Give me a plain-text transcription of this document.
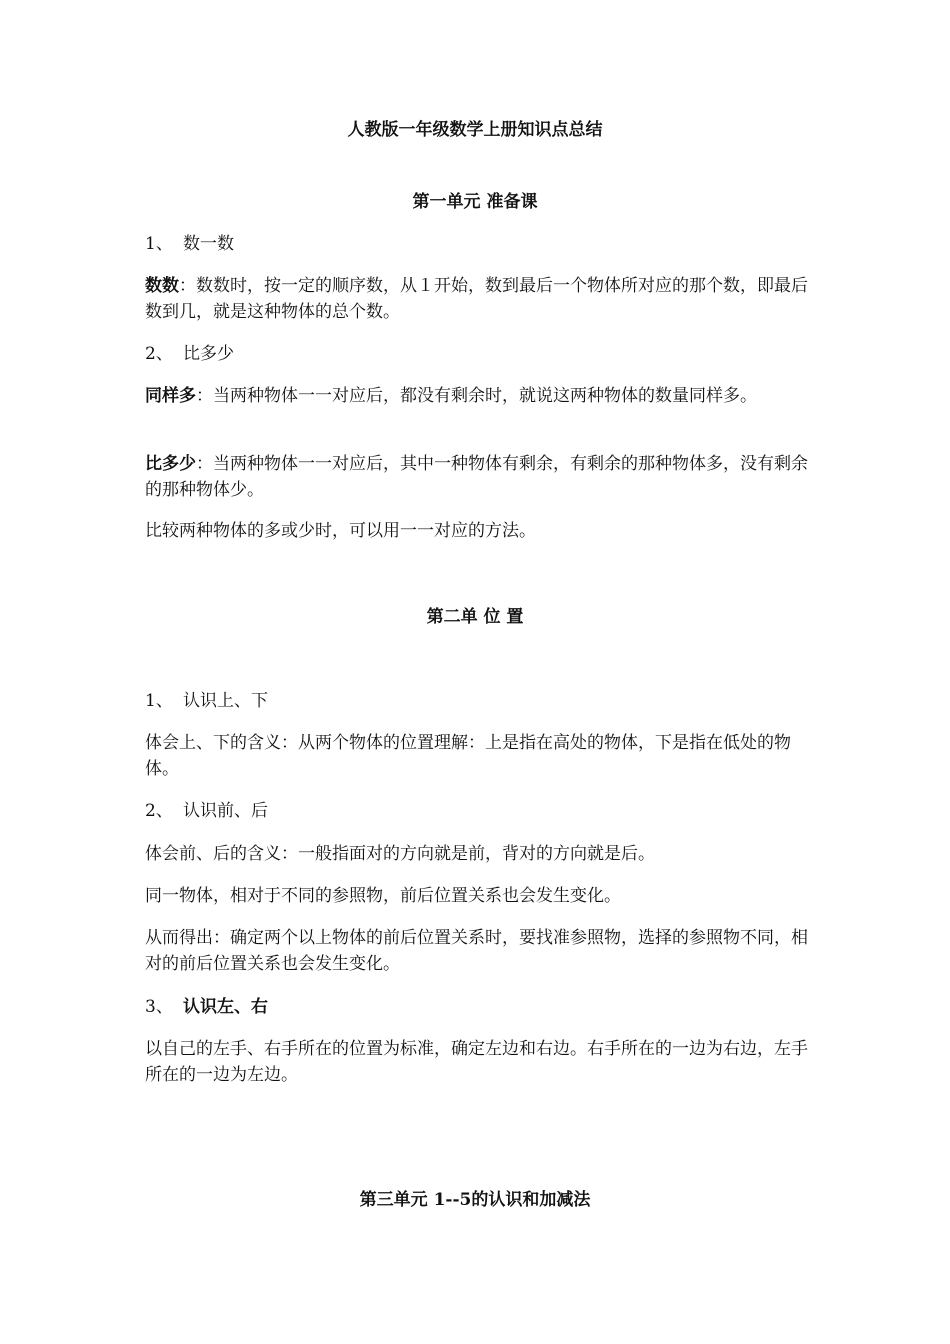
人教版一年级数学上册知识点总结
第一单元 准备课
1、 数一数

数数：数数时，按一定的顺序数，从１开始，数到最后一个物体所对应的那个数，即最后数到几，就是这种物体的总个数。

2、 比多少

同样多：当两种物体一一对应后，都没有剩余时，就说这两种物体的数量同样多。

比多少：当两种物体一一对应后，其中一种物体有剩余，有剩余的那种物体多，没有剩余的那种物体少。

比较两种物体的多或少时，可以用一一对应的方法。

第二单 位 置
1、 认识上、下

体会上、下的含义：从两个物体的位置理解：上是指在高处的物体，下是指在低处的物体。

2、 认识前、后

体会前、后的含义：一般指面对的方向就是前，背对的方向就是后。

同一物体，相对于不同的参照物，前后位置关系也会发生变化。

从而得出：确定两个以上物体的前后位置关系时，要找准参照物，选择的参照物不同，相对的前后位置关系也会发生变化。

3、 认识左、右

以自己的左手、右手所在的位置为标准，确定左边和右边。右手所在的一边为右边，左手所在的一边为左边。

第三单元 1--5的认识和加减法
